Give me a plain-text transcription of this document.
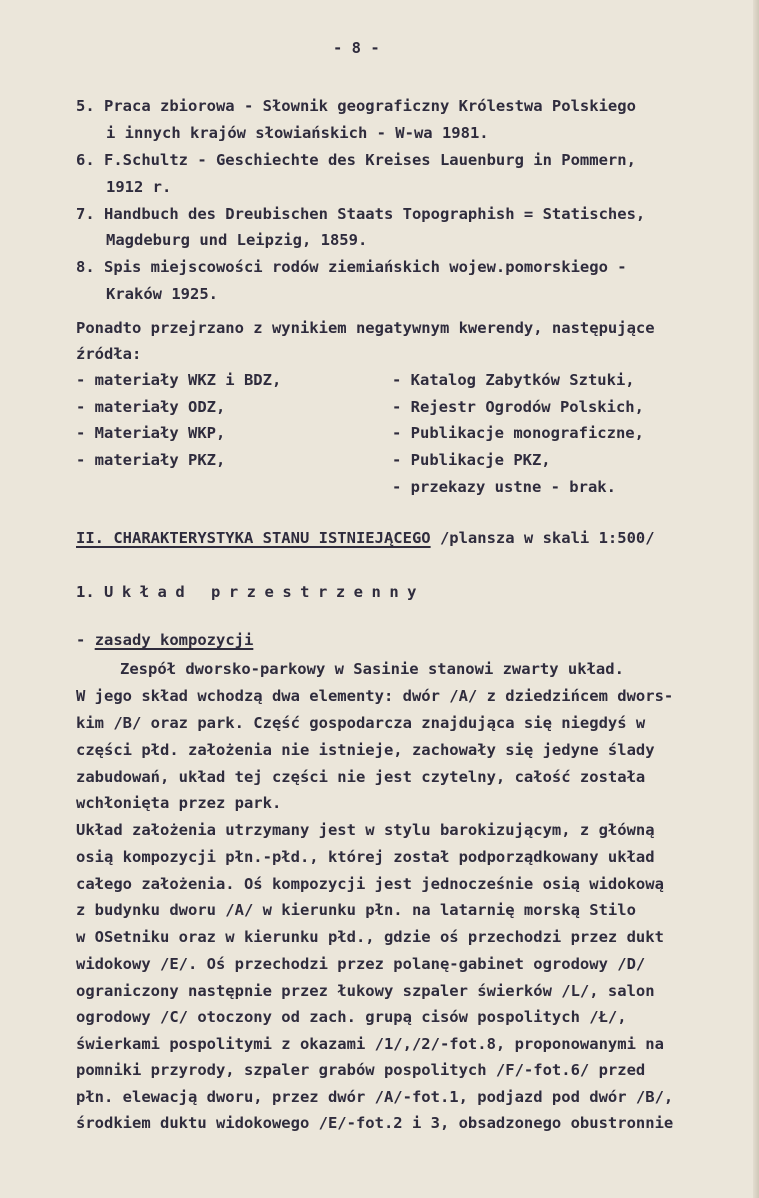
- 8 -
5. Praca zbiorowa - Słownik geograficzny Królestwa Polskiego
i innych krajów słowiańskich - W-wa 1981.
6. F.Schultz - Geschiechte des Kreises Lauenburg in Pommern,
1912 r.
7. Handbuch des Dreubischen Staats Topographish = Statisches,
Magdeburg und Leipzig, 1859.
8. Spis miejscowości rodów ziemiańskich wojew.pomorskiego -
Kraków 1925.
Ponadto przejrzano z wynikiem negatywnym kwerendy, następujące
źródła:
- materiały WKZ i BDZ,
- materiały ODZ,
- Materiały WKP,
- materiały PKZ,
- Katalog Zabytków Sztuki,
- Rejestr Ogrodów Polskich,
- Publikacje monograficzne,
- Publikacje PKZ,
- przekazy ustne - brak.
II. CHARAKTERYSTYKA STANU ISTNIEJĄCEGO /plansza w skali 1:500/
1. Układ przestrzenny
- zasady kompozycji
Zespół dworsko-parkowy w Sasinie stanowi zwarty układ.
W jego skład wchodzą dwa elementy: dwór /A/ z dziedzińcem dwors-
kim /B/ oraz park. Część gospodarcza znajdująca się niegdyś w
części płd. założenia nie istnieje, zachowały się jedyne ślady
zabudowań, układ tej części nie jest czytelny, całość została
wchłonięta przez park.
Układ założenia utrzymany jest w stylu barokizującym, z główną
osią kompozycji płn.-płd., której został podporządkowany układ
całego założenia. Oś kompozycji jest jednocześnie osią widokową
z budynku dworu /A/ w kierunku płn. na latarnię morską Stilo
w OSetniku oraz w kierunku płd., gdzie oś przechodzi przez dukt
widokowy /E/. Oś przechodzi przez polanę-gabinet ogrodowy /D/
ograniczony następnie przez łukowy szpaler świerków /L/, salon
ogrodowy /C/ otoczony od zach. grupą cisów pospolitych /Ł/,
świerkami pospolitymi z okazami /1/,/2/-fot.8, proponowanymi na
pomniki przyrody, szpaler grabów pospolitych /F/-fot.6/ przed
płn. elewacją dworu, przez dwór /A/-fot.1, podjazd pod dwór /B/,
środkiem duktu widokowego /E/-fot.2 i 3, obsadzonego obustronnie
